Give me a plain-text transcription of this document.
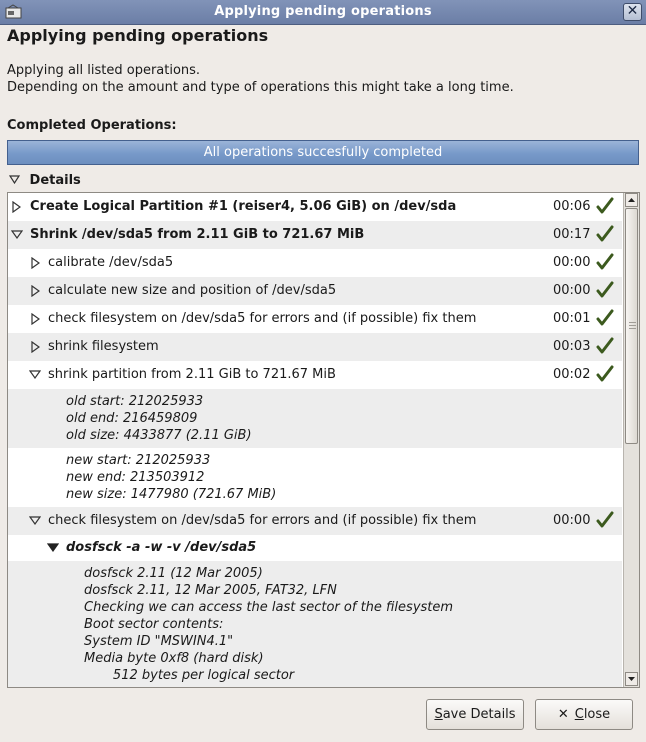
Applying pending operations	✕
Applying pending operations
Applying all listed operations.
Depending on the amount and type of operations this might take a long time.
Completed Operations:
All operations succesfully completed
Details
Create Logical Partition #1 (reiser4, 5.06 GiB) on /dev/sda	00:06
Shrink /dev/sda5 from 2.11 GiB to 721.67 MiB	00:17
calibrate /dev/sda5	00:00
calculate new size and position of /dev/sda5	00:00
check filesystem on /dev/sda5 for errors and (if possible) fix them	00:01
shrink filesystem	00:03
shrink partition from 2.11 GiB to 721.67 MiB	00:02
old start: 212025933
old end: 216459809
old size: 4433877 (2.11 GiB)
new start: 212025933
new end: 213503912
new size: 1477980 (721.67 MiB)
check filesystem on /dev/sda5 for errors and (if possible) fix them	00:00
dosfsck -a -w -v /dev/sda5
dosfsck 2.11 (12 Mar 2005)
dosfsck 2.11, 12 Mar 2005, FAT32, LFN
Checking we can access the last sector of the filesystem
Boot sector contents:
System ID "MSWIN4.1"
Media byte 0xf8 (hard disk)
512 bytes per logical sector
Save Details	✕ Close
